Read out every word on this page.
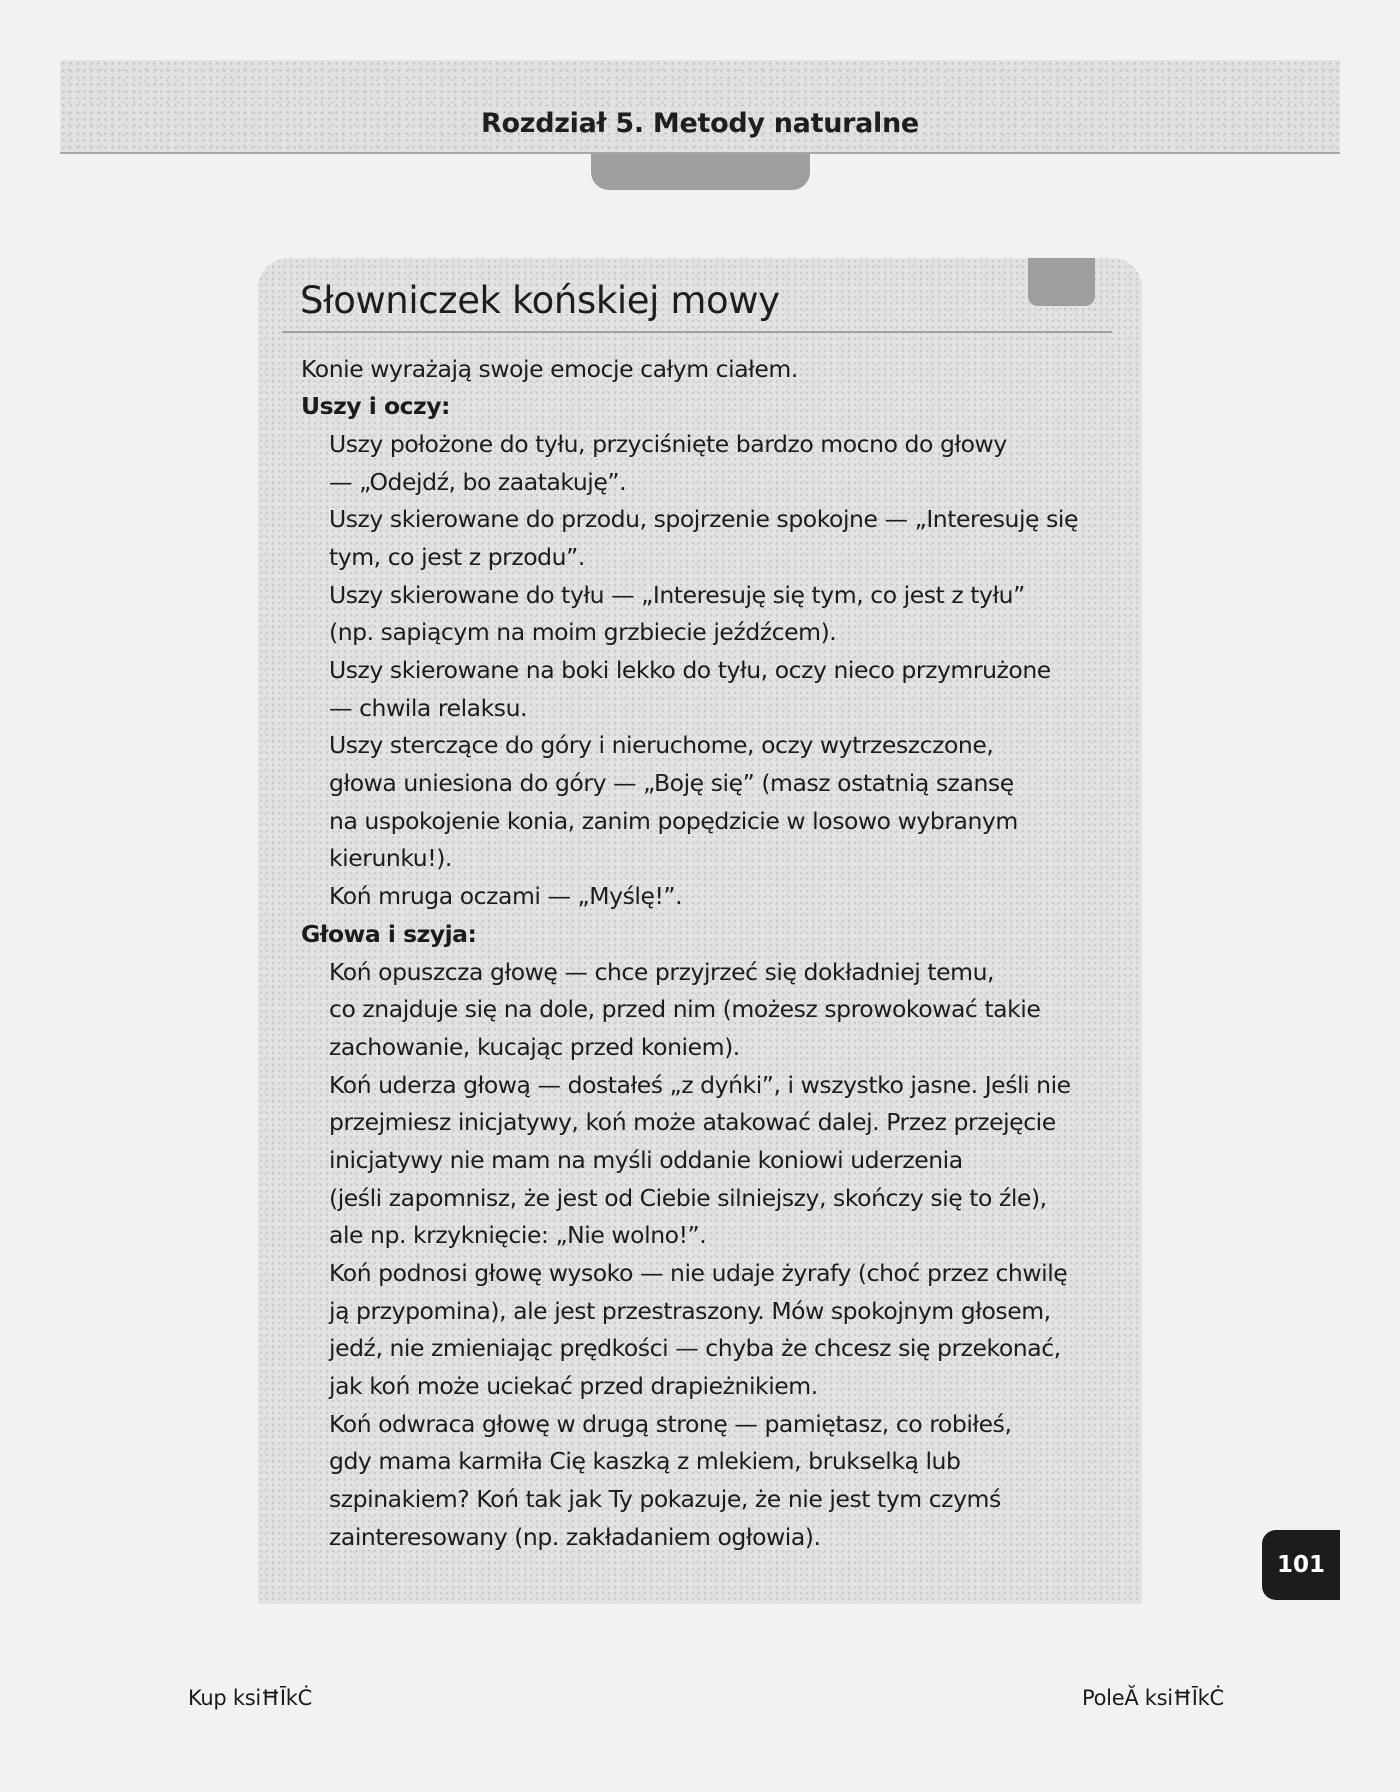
Rozdział 5. Metody naturalne
Słowniczek końskiej mowy
Konie wyrażają swoje emocje całym ciałem.
Uszy i oczy:
Uszy położone do tyłu, przyciśnięte bardzo mocno do głowy
— „Odejdź, bo zaatakuję”.
Uszy skierowane do przodu, spojrzenie spokojne — „Interesuję się
tym, co jest z przodu”.
Uszy skierowane do tyłu — „Interesuję się tym, co jest z tyłu”
(np. sapiącym na moim grzbiecie jeźdźcem).
Uszy skierowane na boki lekko do tyłu, oczy nieco przymrużone
— chwila relaksu.
Uszy sterczące do góry i nieruchome, oczy wytrzeszczone,
głowa uniesiona do góry — „Boję się” (masz ostatnią szansę
na uspokojenie konia, zanim popędzicie w losowo wybranym
kierunku!).
Koń mruga oczami — „Myślę!”.
Głowa i szyja:
Koń opuszcza głowę — chce przyjrzeć się dokładniej temu,
co znajduje się na dole, przed nim (możesz sprowokować takie
zachowanie, kucając przed koniem).
Koń uderza głową — dostałeś „z dyńki”, i wszystko jasne. Jeśli nie
przejmiesz inicjatywy, koń może atakować dalej. Przez przejęcie
inicjatywy nie mam na myśli oddanie koniowi uderzenia
(jeśli zapomnisz, że jest od Ciebie silniejszy, skończy się to źle),
ale np. krzyknięcie: „Nie wolno!”.
Koń podnosi głowę wysoko — nie udaje żyrafy (choć przez chwilę
ją przypomina), ale jest przestraszony. Mów spokojnym głosem,
jedź, nie zmieniając prędkości — chyba że chcesz się przekonać,
jak koń może uciekać przed drapieżnikiem.
Koń odwraca głowę w drugą stronę — pamiętasz, co robiłeś,
gdy mama karmiła Cię kaszką z mlekiem, brukselką lub
szpinakiem? Koń tak jak Ty pokazuje, że nie jest tym czymś
zainteresowany (np. zakładaniem ogłowia).
101
Kup ksiĦĪkĊ	PoleĂ ksiĦĪkĊ
